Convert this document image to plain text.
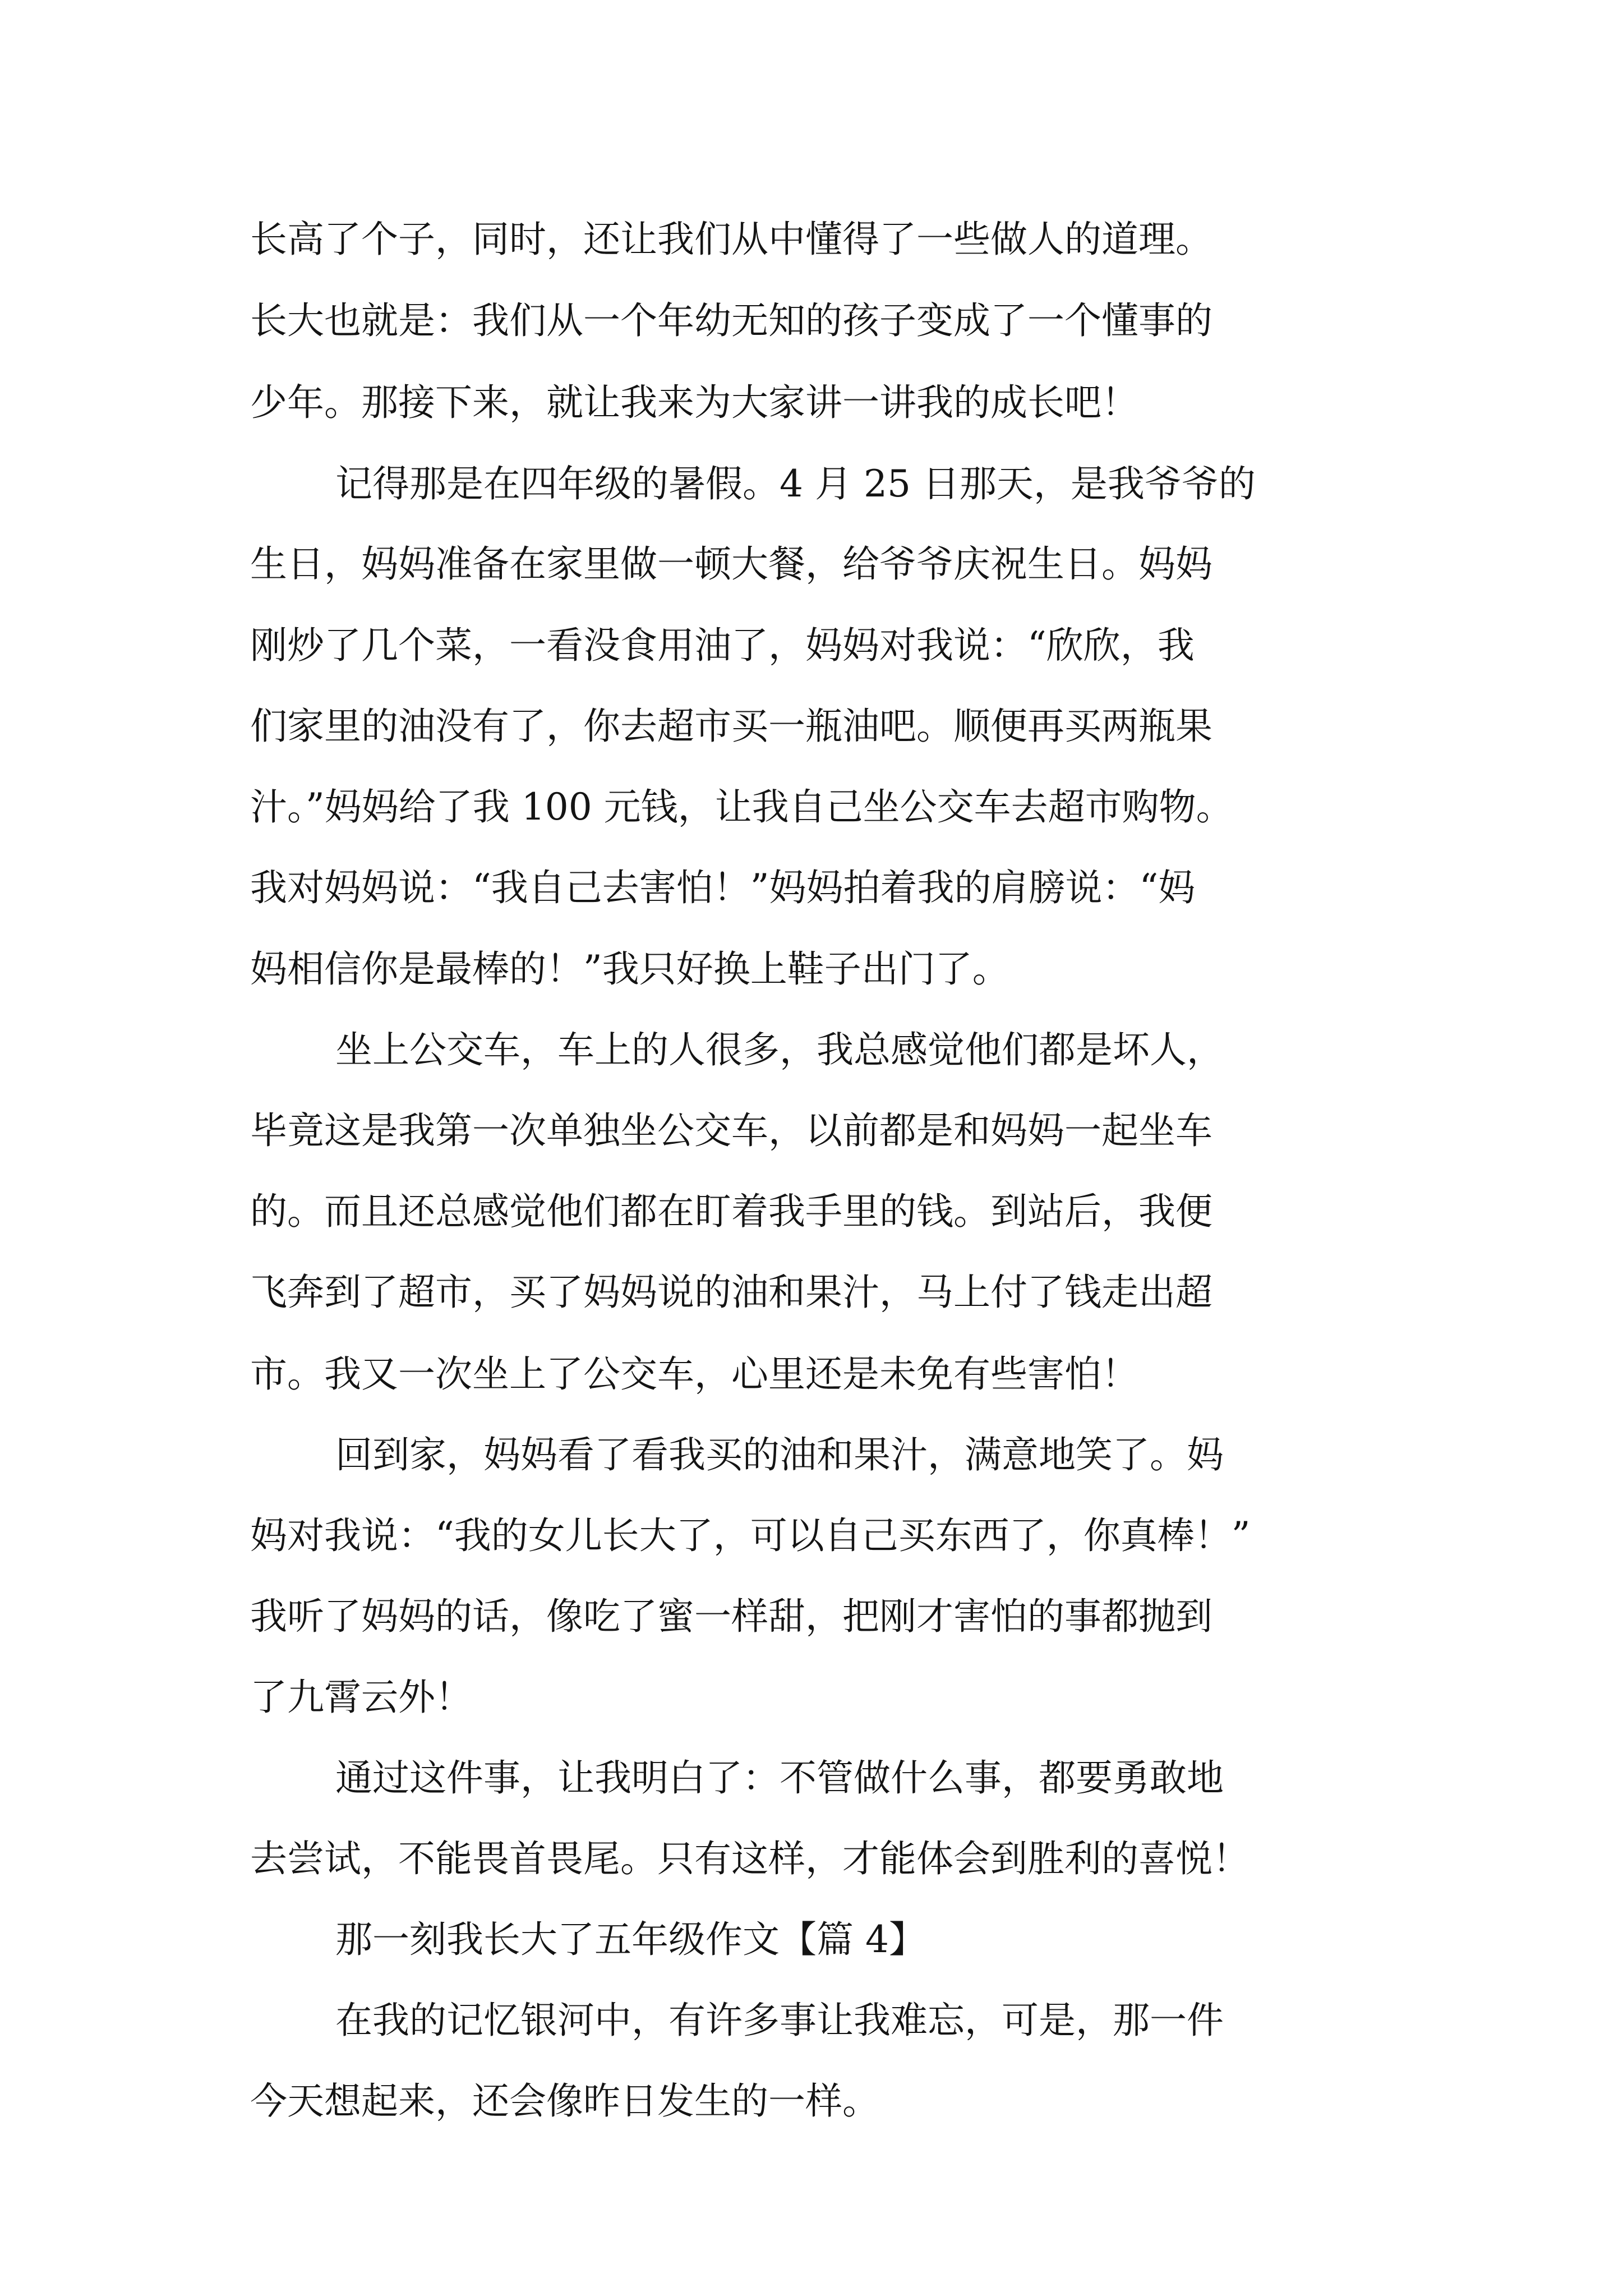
长高了个子，同时，还让我们从中懂得了一些做人的道理。

长大也就是：我们从一个年幼无知的孩子变成了一个懂事的

少年。那接下来，就让我来为大家讲一讲我的成长吧！

记得那是在四年级的暑假。4 月 25 日那天，是我爷爷的

生日，妈妈准备在家里做一顿大餐，给爷爷庆祝生日。妈妈

刚炒了几个菜，一看没食用油了，妈妈对我说：“欣欣，我

们家里的油没有了，你去超市买一瓶油吧。顺便再买两瓶果

汁。”妈妈给了我 100 元钱，让我自己坐公交车去超市购物。

我对妈妈说：“我自己去害怕！”妈妈拍着我的肩膀说：“妈

妈相信你是最棒的！”我只好换上鞋子出门了。

坐上公交车，车上的人很多，我总感觉他们都是坏人，

毕竟这是我第一次单独坐公交车，以前都是和妈妈一起坐车

的。而且还总感觉他们都在盯着我手里的钱。到站后，我便

飞奔到了超市，买了妈妈说的油和果汁，马上付了钱走出超

市。我又一次坐上了公交车，心里还是未免有些害怕！

回到家，妈妈看了看我买的油和果汁，满意地笑了。妈

妈对我说：“我的女儿长大了，可以自己买东西了，你真棒！”

我听了妈妈的话，像吃了蜜一样甜，把刚才害怕的事都抛到

了九霄云外！

通过这件事，让我明白了：不管做什么事，都要勇敢地

去尝试，不能畏首畏尾。只有这样，才能体会到胜利的喜悦！

那一刻我长大了五年级作文【篇 4】

在我的记忆银河中，有许多事让我难忘，可是，那一件

今天想起来，还会像昨日发生的一样。
